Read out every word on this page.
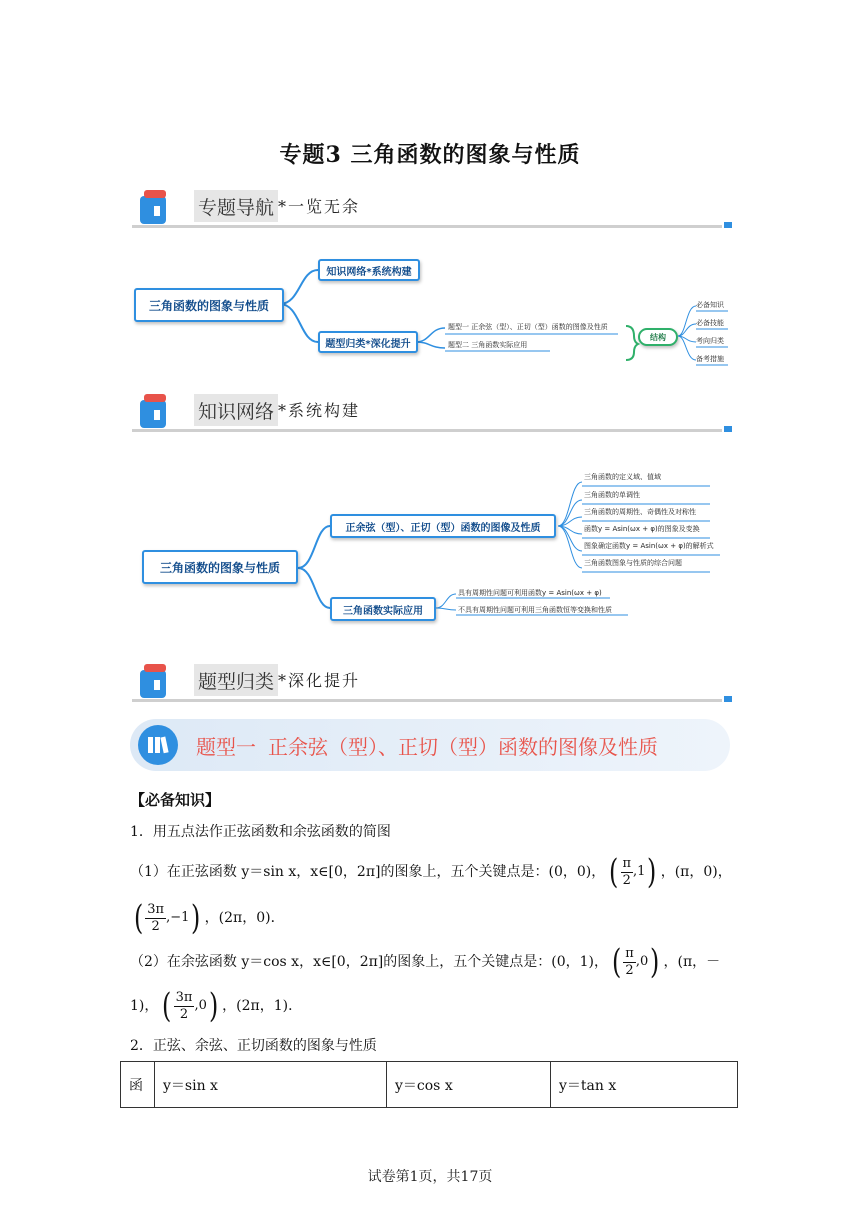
专题3 三角函数的图象与性质
专题导航 *一览无余
三角函数的图象与性质
知识网络*系统构建
题型归类*深化提升
题型一 正余弦（型）、正切（型）函数的图像及性质
题型二 三角函数实际应用
结构
必备知识
必备技能
考向归类
备考措施
知识网络 *系统构建
三角函数的图象与性质
正余弦（型）、正切（型）函数的图像及性质
三角函数实际应用
三角函数的定义域、值域
三角函数的单调性
三角函数的周期性、奇偶性及对称性
函数y = Asin(ωx + φ)的图象及变换
图象确定函数y = Asin(ωx + φ)的解析式
三角函数图象与性质的综合问题
具有周期性问题可利用函数y = Asin(ωx + φ)
不具有周期性问题可利用三角函数恒等变换和性质
题型归类 *深化提升
题型一 正余弦（型）、正切（型）函数的图像及性质
【必备知识】
1．用五点法作正弦函数和余弦函数的简图
（1）在正弦函数 y＝sin x，x∈[0，2π]的图象上，五个关键点是：(0，0)， ( $\frac{\pi}{2} ,1$ ) ，(π，0)，
( $\frac{3\pi}{2} ,-1$ ) ，(2π，0)．
（2）在余弦函数 y＝cos x，x∈[0，2π]的图象上，五个关键点是：(0，1)， ( $\frac{\pi}{2} ,0$ ) ，(π，－
1)， ( $\frac{3\pi}{2} ,0$ ) ，(2π，1)．
2．正弦、余弦、正切函数的图象与性质
函	y＝sin x	y＝cos x	y＝tan x
试卷第1页，共17页
